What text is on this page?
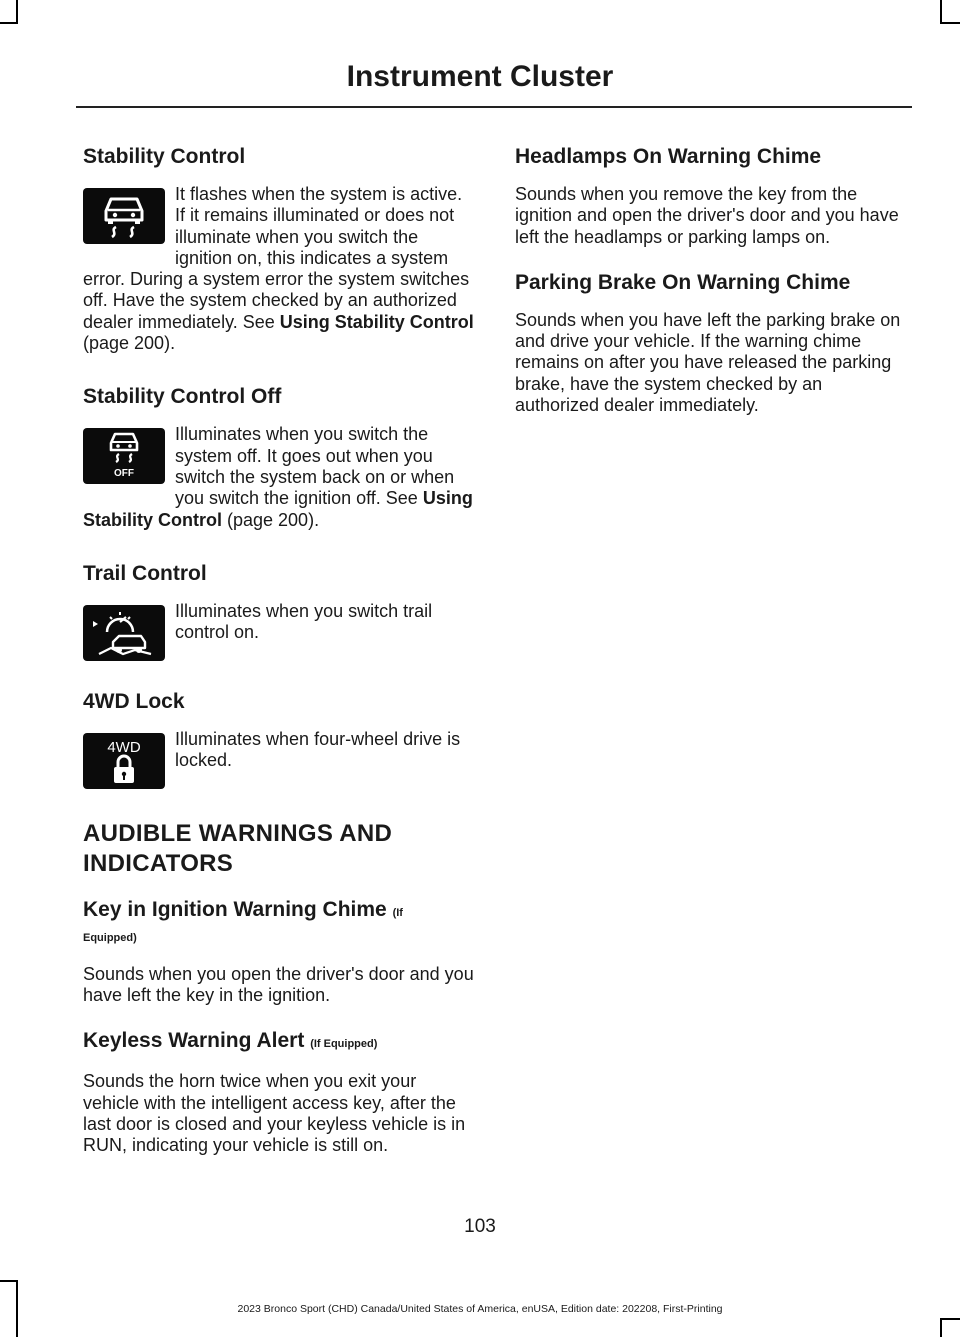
Instrument Cluster
Stability Control

It flashes when the system is active. If it remains illuminated or does not illuminate when you switch the ignition on, this indicates a system error. During a system error the system switches off. Have the system checked by an authorized dealer immediately. See Using Stability Control (page 200).

Stability Control Off
OFF

Illuminates when you switch the system off. It goes out when you switch the system back on or when you switch the ignition off. See Using Stability Control (page 200).

Trail Control

Illuminates when you switch trail control on.

4WD Lock
4WD	Illuminates when four-wheel drive is locked.

AUDIBLE WARNINGS AND
INDICATORS
Key in Ignition Warning Chime (If
Equipped)

Sounds when you open the driver's door and you have left the key in the ignition.

Keyless Warning Alert (If Equipped)

Sounds the horn twice when you exit your vehicle with the intelligent access key, after the last door is closed and your keyless vehicle is in RUN, indicating your vehicle is still on.

Headlamps On Warning Chime

Sounds when you remove the key from the ignition and open the driver's door and you have left the headlamps or parking lamps on.

Parking Brake On Warning Chime

Sounds when you have left the parking brake on and drive your vehicle. If the warning chime remains on after you have released the parking brake, have the system checked by an authorized dealer immediately.

103
2023 Bronco Sport (CHD) Canada/United States of America, enUSA, Edition date: 202208, First-Printing
